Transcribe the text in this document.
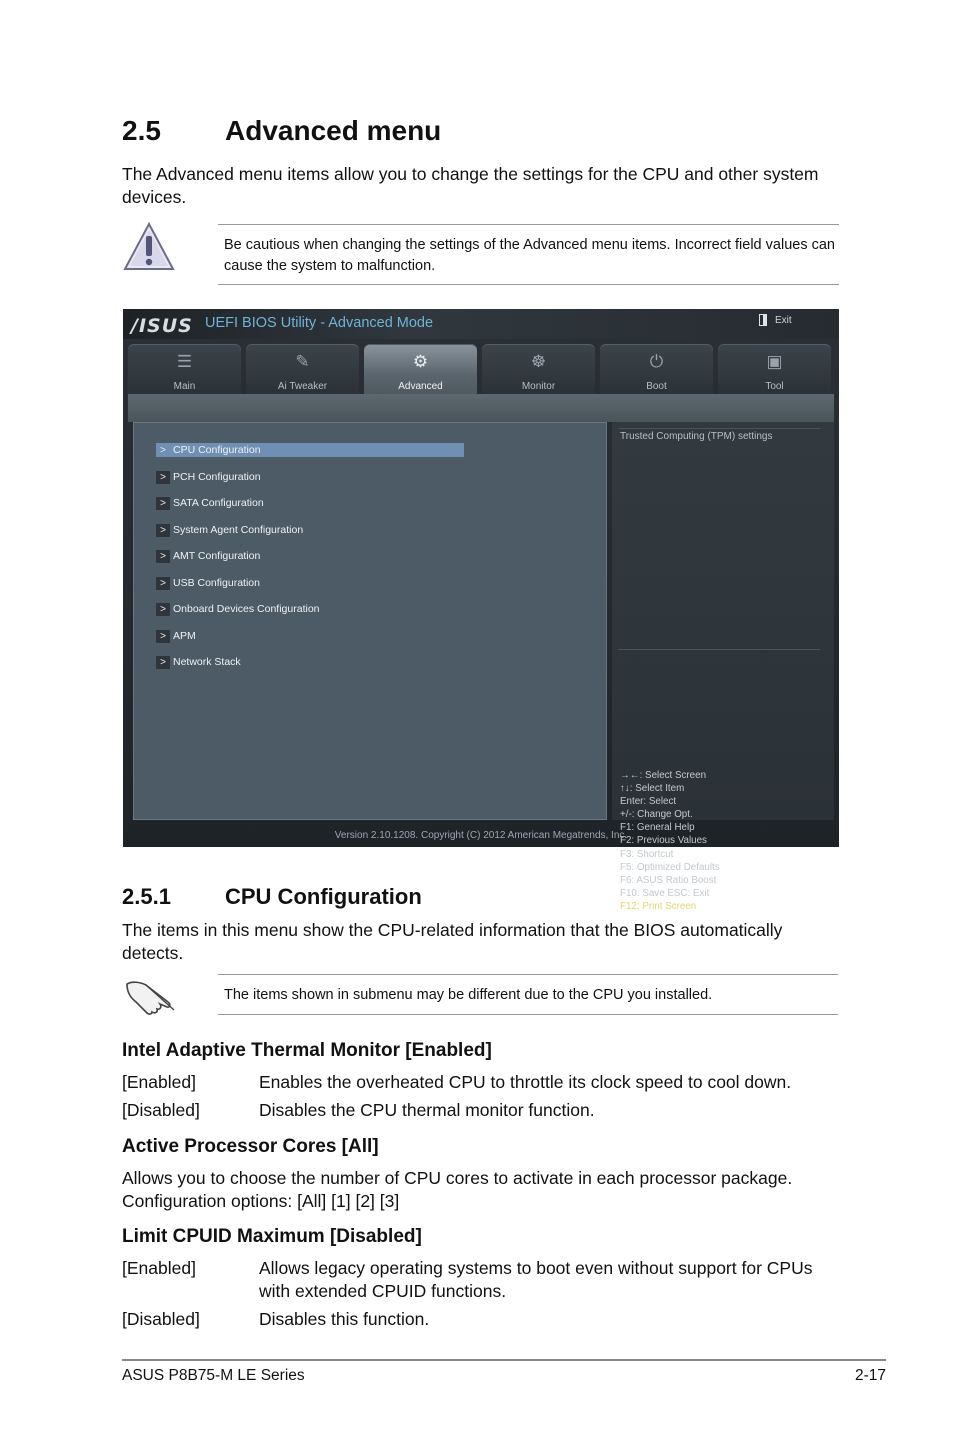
2.5 Advanced menu
The Advanced menu items allow you to change the settings for the CPU and other system devices.
Be cautious when changing the settings of the Advanced menu items. Incorrect field values can cause the system to malfunction.
/ISUS UEFI BIOS Utility - Advanced Mode	Exit
☰
Main
✎
Ai Tweaker
⚙
Advanced
☸
Monitor
⏻
Boot
▣
Tool
> CPU Configuration
> PCH Configuration
> SATA Configuration
> System Agent Configuration
> AMT Configuration
> USB Configuration
> Onboard Devices Configuration
> APM
> Network Stack
Trusted Computing (TPM) settings
→←: Select Screen
↑↓: Select Item
Enter: Select
+/-: Change Opt.
F1: General Help
F2: Previous Values
F3: Shortcut
F5: Optimized Defaults
F6: ASUS Ratio Boost
F10: Save ESC: Exit
F12: Print Screen
Version 2.10.1208. Copyright (C) 2012 American Megatrends, Inc.
2.5.1 CPU Configuration
The items in this menu show the CPU-related information that the BIOS automatically detects.
The items shown in submenu may be different due to the CPU you installed.
Intel Adaptive Thermal Monitor [Enabled]
[Enabled]	Enables the overheated CPU to throttle its clock speed to cool down.
[Disabled]	Disables the CPU thermal monitor function.
Active Processor Cores [All]
Allows you to choose the number of CPU cores to activate in each processor package.
Configuration options: [All] [1] [2] [3]
Limit CPUID Maximum [Disabled]
[Enabled]	Allows legacy operating systems to boot even without support for CPUs with extended CPUID functions.
[Disabled]	Disables this function.
ASUS P8B75-M LE Series	2-17
